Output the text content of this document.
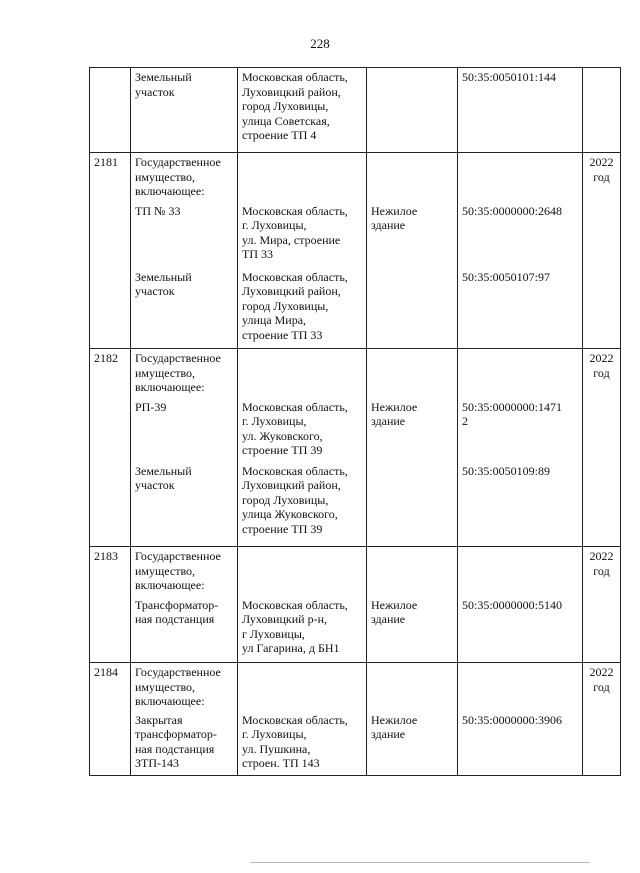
228
	Земельный
участок	Московская область,
Луховицкий район,
город Луховицы,
улица Советская,
строение ТП 4		50:35:0050101:144	
2181	Государственное
имущество,
включающее:				2022
год
	ТП № 33	Московская область,
г. Луховицы,
ул. Мира, строение
ТП 33	Нежилое
здание	50:35:0000000:2648	
	Земельный
участок	Московская область,
Луховицкий район,
город Луховицы,
улица Мира,
строение ТП 33		50:35:0050107:97	
2182	Государственное
имущество,
включающее:				2022
год
	РП-39	Московская область,
г. Луховицы,
ул. Жуковского,
строение ТП 39	Нежилое
здание	50:35:0000000:1471
2	
	Земельный
участок	Московская область,
Луховицкий район,
город Луховицы,
улица Жуковского,
строение ТП 39		50:35:0050109:89	
2183	Государственное
имущество,
включающее:				2022
год
	Трансформатор-
ная подстанция	Московская область,
Луховицкий р-н,
г Луховицы,
ул Гагарина, д БН1	Нежилое
здание	50:35:0000000:5140	
2184	Государственное
имущество,
включающее:				2022
год
	Закрытая
трансформатор-
ная подстанция
ЗТП-143	Московская область,
г. Луховицы,
ул. Пушкина,
строен. ТП 143	Нежилое
здание	50:35:0000000:3906	
